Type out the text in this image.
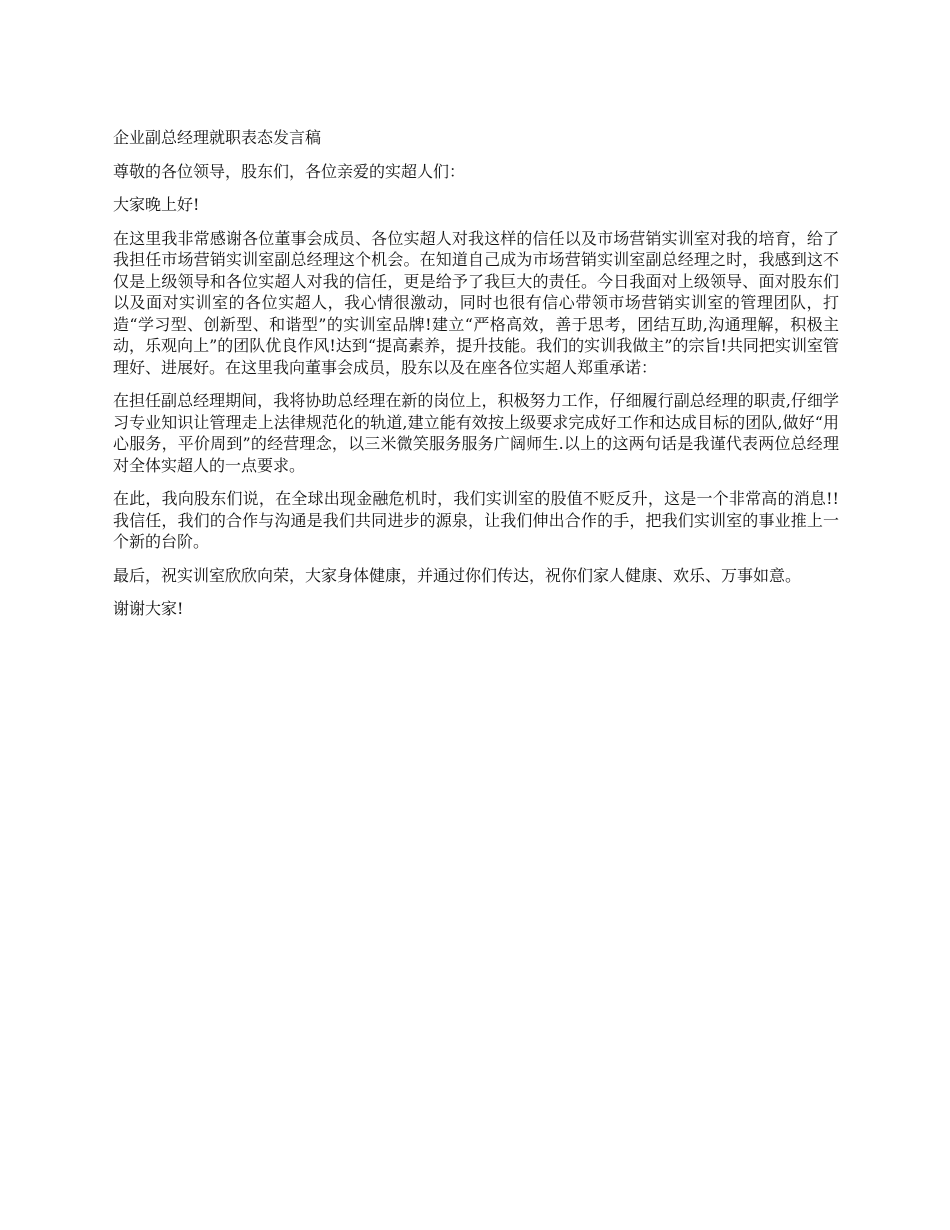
企业副总经理就职表态发言稿

尊敬的各位领导，股东们，各位亲爱的实超人们：

大家晚上好!

在这里我非常感谢各位董事会成员、各位实超人对我这样的信任以及市场营销实训室对我的培育，给了我担任市场营销实训室副总经理这个机会。在知道自己成为市场营销实训室副总经理之时，我感到这不仅是上级领导和各位实超人对我的信任，更是给予了我巨大的责任。今日我面对上级领导、面对股东们以及面对实训室的各位实超人，我心情很激动，同时也很有信心带领市场营销实训室的管理团队，打造“学习型、创新型、和谐型”的实训室品牌!建立“严格高效，善于思考，团结互助,沟通理解，积极主动，乐观向上”的团队优良作风!达到“提高素养，提升技能。我们的实训我做主”的宗旨!共同把实训室管理好、进展好。在这里我向董事会成员，股东以及在座各位实超人郑重承诺：

在担任副总经理期间，我将协助总经理在新的岗位上，积极努力工作，仔细履行副总经理的职责,仔细学习专业知识让管理走上法律规范化的轨道,建立能有效按上级要求完成好工作和达成目标的团队,做好“用心服务，平价周到”的经营理念，以三米微笑服务服务广阔师生.以上的这两句话是我谨代表两位总经理对全体实超人的一点要求。

在此，我向股东们说，在全球出现金融危机时，我们实训室的股值不贬反升，这是一个非常高的消息!!我信任，我们的合作与沟通是我们共同进步的源泉，让我们伸出合作的手，把我们实训室的事业推上一个新的台阶。

最后，祝实训室欣欣向荣，大家身体健康，并通过你们传达，祝你们家人健康、欢乐、万事如意。

谢谢大家!
